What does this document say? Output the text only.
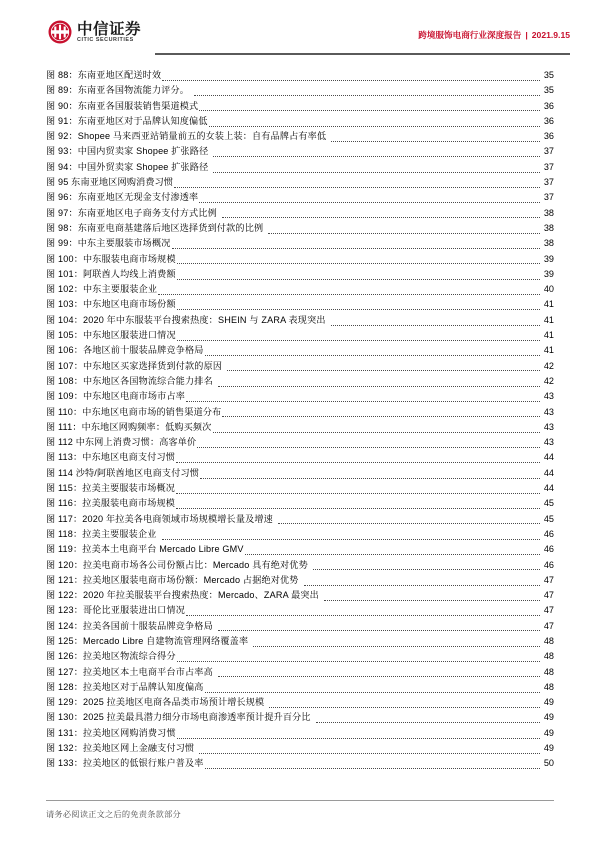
中信证券
CITIC SECURITIES
跨境服饰电商行业深度报告 | 2021.9.15
图 88：东南亚地区配送时效	35
图 89：东南亚各国物流能力评分。	35
图 90：东南亚各国服装销售渠道模式	36
图 91：东南亚地区对于品牌认知度偏低	36
图 92：Shopee 马来西亚站销量前五的女装上装：自有品牌占有率低	36
图 93：中国内贸卖家 Shopee 扩张路径	37
图 94：中国外贸卖家 Shopee 扩张路径	37
图 95 东南亚地区网购消费习惯	37
图 96：东南亚地区无现金支付渗透率	37
图 97：东南亚地区电子商务支付方式比例	38
图 98：东南亚电商基建落后地区选择货到付款的比例	38
图 99：中东主要服装市场概况	38
图 100：中东服装电商市场规模	39
图 101：阿联酋人均线上消费额	39
图 102：中东主要服装企业	40
图 103：中东地区电商市场份额	41
图 104：2020 年中东服装平台搜索热度：SHEIN 与 ZARA 表现突出	41
图 105：中东地区服装进口情况	41
图 106：各地区前十服装品牌竞争格局	41
图 107：中东地区买家选择货到付款的原因	42
图 108：中东地区各国物流综合能力排名	42
图 109：中东地区电商市场市占率	43
图 110：中东地区电商市场的销售渠道分布	43
图 111：中东地区网购频率：低购买频次	43
图 112 中东网上消费习惯：高客单价	43
图 113：中东地区电商支付习惯	44
图 114 沙特/阿联酋地区电商支付习惯	44
图 115：拉美主要服装市场概况	44
图 116：拉美服装电商市场规模	45
图 117：2020 年拉美各电商领域市场规模增长量及增速	45
图 118：拉美主要服装企业	46
图 119：拉美本土电商平台 Mercado Libre GMV	46
图 120：拉美电商市场各公司份额占比：Mercado 具有绝对优势	46
图 121：拉美地区服装电商市场份额：Mercado 占据绝对优势	47
图 122：2020 年拉美服装平台搜索热度：Mercado、ZARA 最突出	47
图 123：哥伦比亚服装进出口情况	47
图 124：拉美各国前十服装品牌竞争格局	47
图 125：Mercado Libre 自建物流管理网络覆盖率	48
图 126：拉美地区物流综合得分	48
图 127：拉美地区本土电商平台市占率高	48
图 128：拉美地区对于品牌认知度偏高	48
图 129：2025 拉美地区电商各品类市场预计增长规模	49
图 130：2025 拉美最具潜力细分市场电商渗透率预计提升百分比	49
图 131：拉美地区网购消费习惯	49
图 132：拉美地区网上金融支付习惯	49
图 133：拉美地区的低银行账户普及率	50
请务必阅读正文之后的免责条款部分
